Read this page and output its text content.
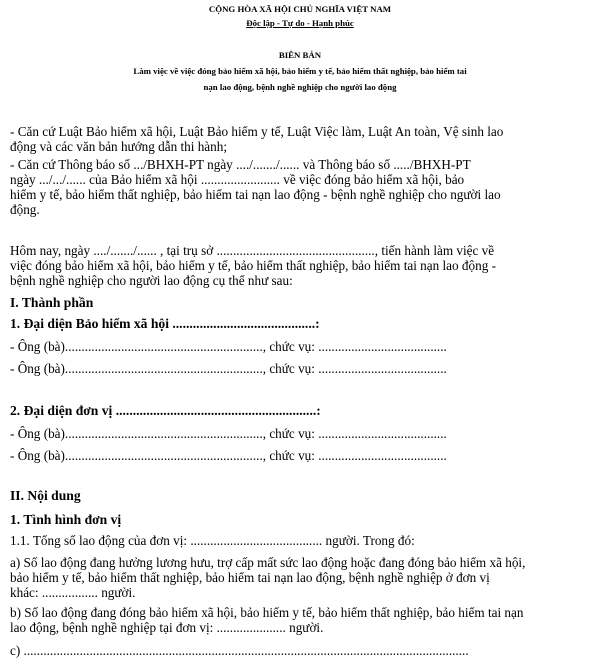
CỘNG HÒA XÃ HỘI CHỦ NGHĨA VIỆT NAM
Độc lập - Tự do - Hạnh phúc
BIÊN BẢN
Làm việc về việc đóng bảo hiểm xã hội, bảo hiểm y tế, bảo hiểm thất nghiệp, bảo hiểm tai
nạn lao động, bệnh nghề nghiệp cho người lao động
- Căn cứ Luật Bảo hiểm xã hội, Luật Bảo hiểm y tế, Luật Việc làm, Luật An toàn, Vệ sinh lao
động và các văn bản hướng dẫn thi hành;
- Căn cứ Thông báo số .../BHXH-PT ngày ..../......./...... và Thông báo số ...../BHXH-PT
ngày .../.../...... của Bảo hiểm xã hội ........................ về việc đóng bảo hiểm xã hội, bảo
hiểm y tế, bảo hiểm thất nghiệp, bảo hiểm tai nạn lao động - bệnh nghề nghiệp cho người lao
động.
Hôm nay, ngày ..../......./...... , tại trụ sở ................................................, tiến hành làm việc về
việc đóng bảo hiểm xã hội, bảo hiểm y tế, bảo hiểm thất nghiệp, bảo hiểm tai nạn lao động -
bệnh nghề nghiệp cho người lao động cụ thể như sau:
I. Thành phần
1. Đại diện Bảo hiểm xã hội ..........................................:
- Ông (bà)............................................................, chức vụ: .......................................
- Ông (bà)............................................................, chức vụ: .......................................
2. Đại diện đơn vị ...........................................................:
- Ông (bà)............................................................, chức vụ: .......................................
- Ông (bà)............................................................, chức vụ: .......................................
II. Nội dung
1. Tình hình đơn vị
1.1. Tổng số lao động của đơn vị: ........................................ người. Trong đó:
a) Số lao động đang hưởng lương hưu, trợ cấp mất sức lao động hoặc đang đóng bảo hiểm xã hội,
bảo hiểm y tế, bảo hiểm thất nghiệp, bảo hiểm tai nạn lao động, bệnh nghề nghiệp ở đơn vị
khác: ................. người.
b) Số lao động đang đóng bảo hiểm xã hội, bảo hiểm y tế, bảo hiểm thất nghiệp, bảo hiểm tai nạn
lao động, bệnh nghề nghiệp tại đơn vị: ..................... người.
c) .......................................................................................................................................
